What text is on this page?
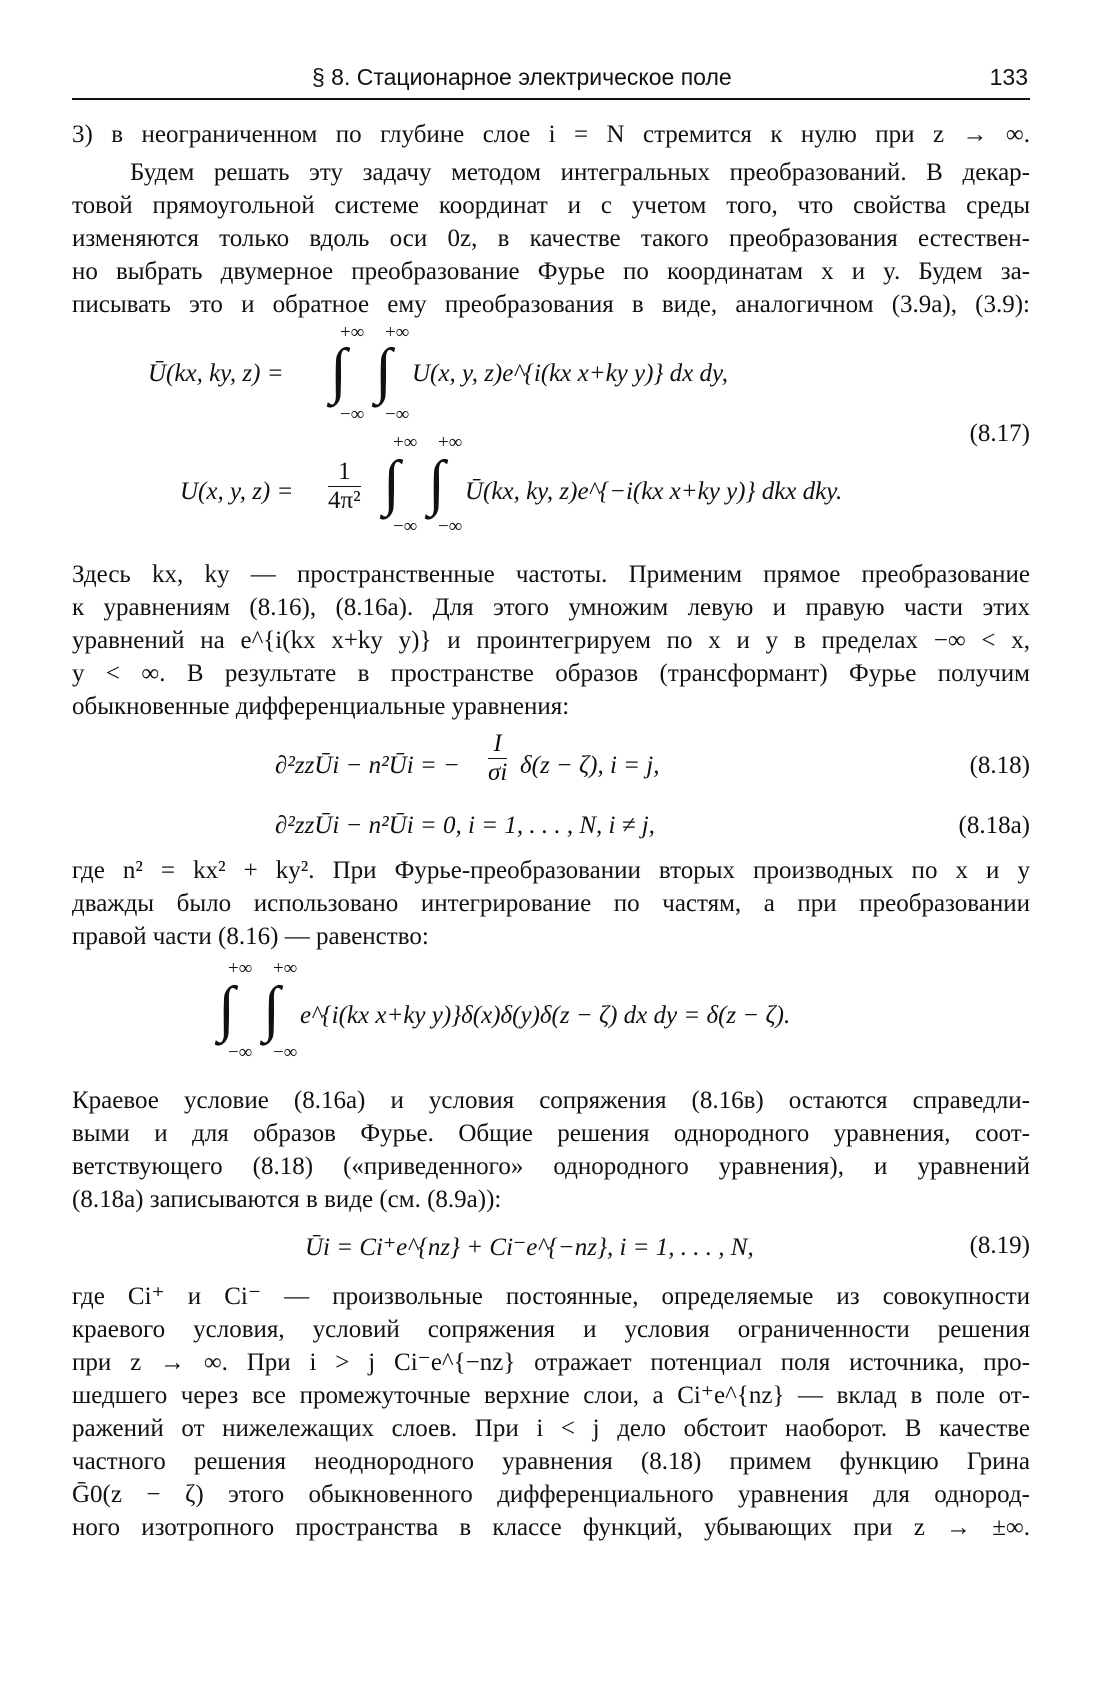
§ 8. Стационарное электрическое поле	133
3) в неограниченном по глубине слое i = N стремится к нулю при z → ∞.
Будем решать эту задачу методом интегральных преобразований. В декар-
товой прямоугольной системе координат и с учетом того, что свойства среды
изменяются только вдоль оси 0z, в качестве такого преобразования естествен-
но выбрать двумерное преобразование Фурье по координатам x и y. Будем за-
писывать это и обратное ему преобразования в виде, аналогичном (3.9а), (3.9):
+∞ +∞
Ū(kx, ky, z) = ∫ ∫ U(x, y, z)e^{i(kx x+ky y)} dx dy,
−∞ −∞
(8.17)
+∞ +∞
U(x, y, $z) = \frac{1}{\text{4π²}}$ ∫ ∫ Ū(kx, ky, z)e^{−i(kx x+ky y)} dkx dky.
−∞ −∞
Здесь kx, ky — пространственные частоты. Применим прямое преобразование
к уравнениям (8.16), (8.16а). Для этого умножим левую и правую части этих
уравнений на e^{i(kx x+ky y)} и проинтегрируем по x и y в пределах −∞ < x,
y < ∞. В результате в пространстве образов (трансформант) Фурье получим
обыкновенные дифференциальные уравнения:
∂²zzŪi − n²Ūi = − $\frac{I}{\sigma i} \delta(z - \zeta)$, i = j,	(8.18)
∂²zzŪi − n²Ūi = 0, i = 1, . . . , N, i ≠ j,	(8.18а)
где n² = kx² + ky². При Фурье-преобразовании вторых производных по x и y
дважды было использовано интегрирование по частям, а при преобразовании
правой части (8.16) — равенство:
+∞ +∞
∫ ∫ e^{i(kx x+ky y)}δ(x)δ(y)δ(z − ζ) dx dy = δ(z − ζ).
−∞ −∞
Краевое условие (8.16а) и условия сопряжения (8.16в) остаются справедли-
выми и для образов Фурье. Общие решения однородного уравнения, соот-
ветствующего (8.18) («приведенного» однородного уравнения), и уравнений
(8.18а) записываются в виде (см. (8.9а)):
Ūi = Ci⁺e^{nz} + Ci⁻e^{−nz}, i = 1, . . . , N,	(8.19)
где Ci⁺ и Ci⁻ — произвольные постоянные, определяемые из совокупности
краевого условия, условий сопряжения и условия ограниченности решения
при z → ∞. При i > j Ci⁻e^{−nz} отражает потенциал поля источника, про-
шедшего через все промежуточные верхние слои, а Ci⁺e^{nz} — вклад в поле от-
ражений от нижележащих слоев. При i < j дело обстоит наоборот. В качестве
частного решения неоднородного уравнения (8.18) примем функцию Грина
Ḡ0(z − ζ) этого обыкновенного дифференциального уравнения для однород-
ного изотропного пространства в классе функций, убывающих при z → ±∞.
